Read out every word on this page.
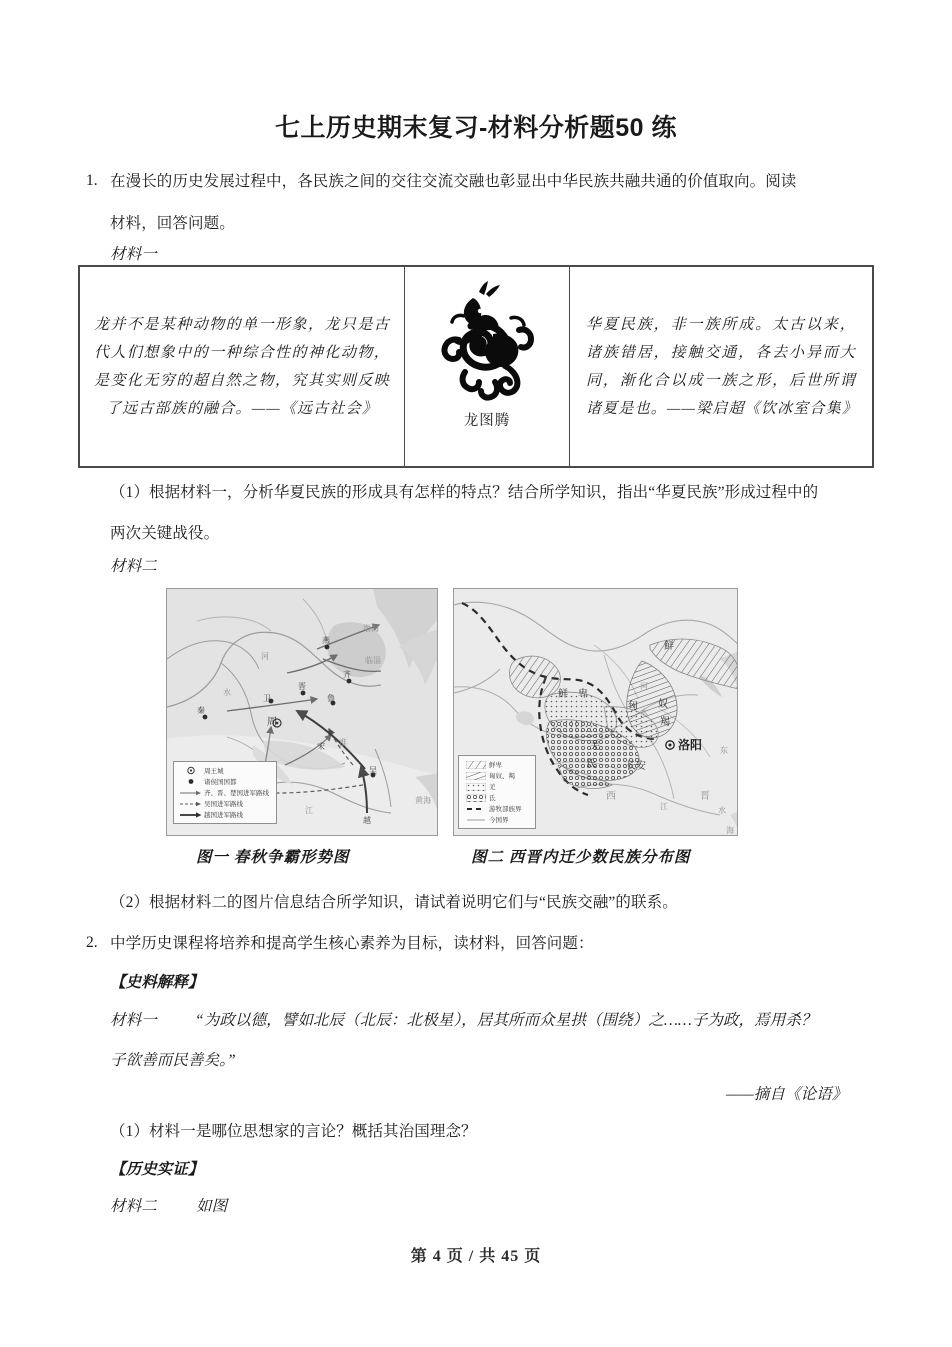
七上历史期末复习-材料分析题50 练
1. 在漫长的历史发展过程中，各民族之间的交往交流交融也彰显出中华民族共融共通的价值取向。阅读
材料，回答问题。
材料一
龙并不是某种动物的单一形象，龙只是古代人们想象中的一种综合性的神化动物，是变化无穷的超自然之物，究其实则反映了远古部族的融合。——《远古社会》
龙图腾
华夏民族，非一族所成。太古以来，诸族错居，接触交通，各去小异而大同，渐化合以成一族之形，后世所谓诸夏是也。——梁启超《饮冰室合集》
（1）根据材料一，分析华夏民族的形成具有怎样的特点？结合所学知识，指出“华夏民族”形成过程中的
两次关键战役。
材料二
周
燕
齐
秦
晋
鲁
卫
宋
吴
越
临淄
渤海
黄海
河
水
江
淮
周王城
诸侯国国都
齐、晋、楚国进军路线
吴国进军路线
越国进军路线
洛阳
长安
鲜
鲜 卑
匈 奴
羯
羌
氐
西	晋
东
海
河
水
江	水
鲜卑
匈奴、羯
羌
氐
游牧部族界
今国界
图一 春秋争霸形势图	图二 西晋内迁少数民族分布图
（2）根据材料二的图片信息结合所学知识，请试着说明它们与“民族交融”的联系。
2. 中学历史课程将培养和提高学生核心素养为目标，读材料，回答问题：
【史料解释】
材料一 “为政以德，譬如北辰（北辰：北极星），居其所而众星拱（围绕）之……子为政，焉用杀？
子欲善而民善矣。”
——摘自《论语》
（1）材料一是哪位思想家的言论？概括其治国理念？
【历史实证】
材料二	如图
第 4 页 / 共 45 页
